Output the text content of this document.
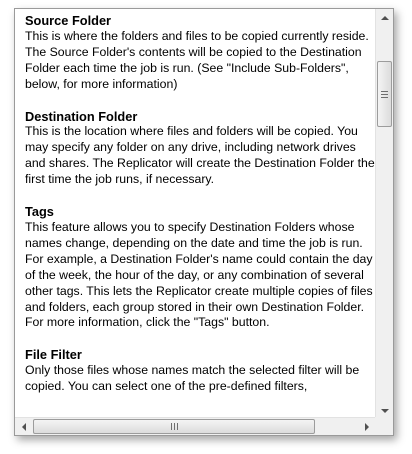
Source Folder
This is where the folders and files to be copied currently reside. The Source Folder's contents will be copied to the Destination Folder each time the job is run. (See "Include Sub-Folders", below, for more information)
Destination Folder
This is the location where files and folders will be copied. You may specify any folder on any drive, including network drives and shares. The Replicator will create the Destination Folder the first time the job runs, if necessary.
Tags
This feature allows you to specify Destination Folders whose names change, depending on the date and time the job is run. For example, a Destination Folder's name could contain the day of the week, the hour of the day, or any combination of several other tags. This lets the Replicator create multiple copies of files and folders, each group stored in their own Destination Folder. For more information, click the "Tags" button.
File Filter
Only those files whose names match the selected filter will be copied. You can select one of the pre-defined filters,
